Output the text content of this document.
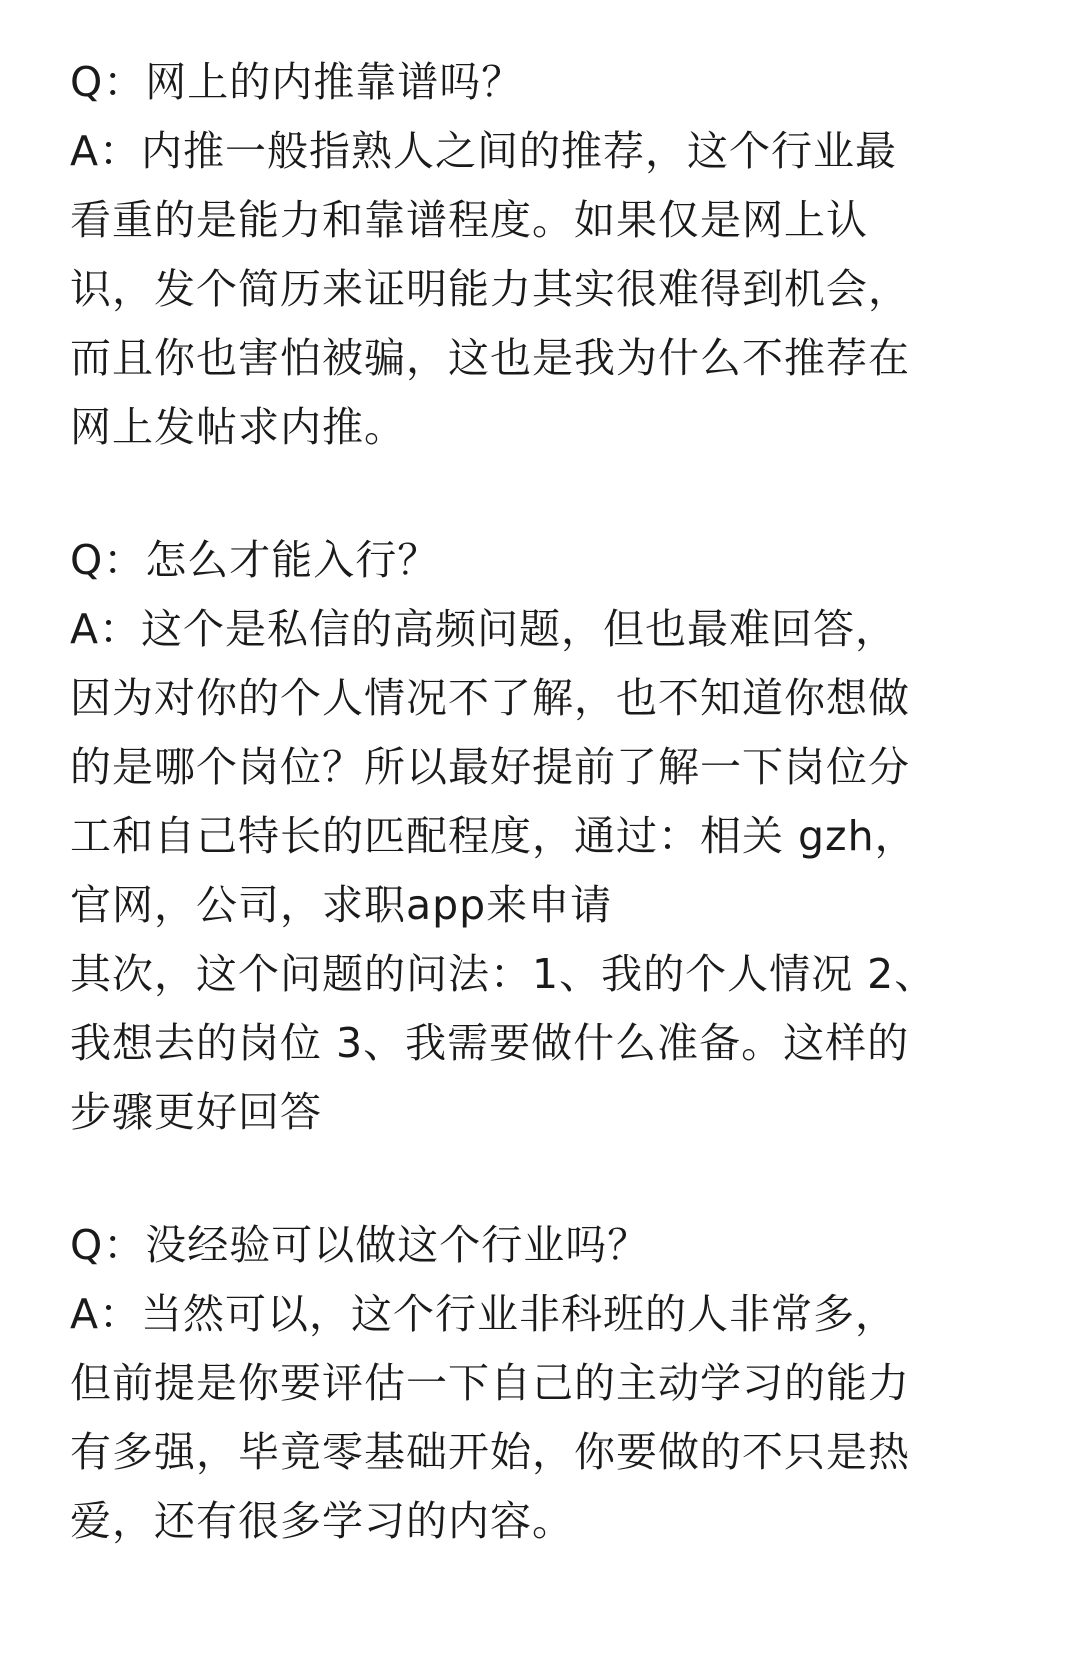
Q：网上的内推靠谱吗？
A：内推一般指熟人之间的推荐，这个行业最
看重的是能力和靠谱程度。如果仅是网上认
识，发个简历来证明能力其实很难得到机会，
而且你也害怕被骗，这也是我为什么不推荐在
网上发帖求内推。
Q：怎么才能入行？
A：这个是私信的高频问题，但也最难回答，
因为对你的个人情况不了解，也不知道你想做
的是哪个岗位？所以最好提前了解一下岗位分
工和自己特长的匹配程度，通过：相关 gzh，
官网，公司，求职app来申请
其次，这个问题的问法：1、我的个人情况 2、
我想去的岗位 3、我需要做什么准备。这样的
步骤更好回答
Q：没经验可以做这个行业吗？
A：当然可以，这个行业非科班的人非常多，
但前提是你要评估一下自己的主动学习的能力
有多强，毕竟零基础开始，你要做的不只是热
爱，还有很多学习的内容。
